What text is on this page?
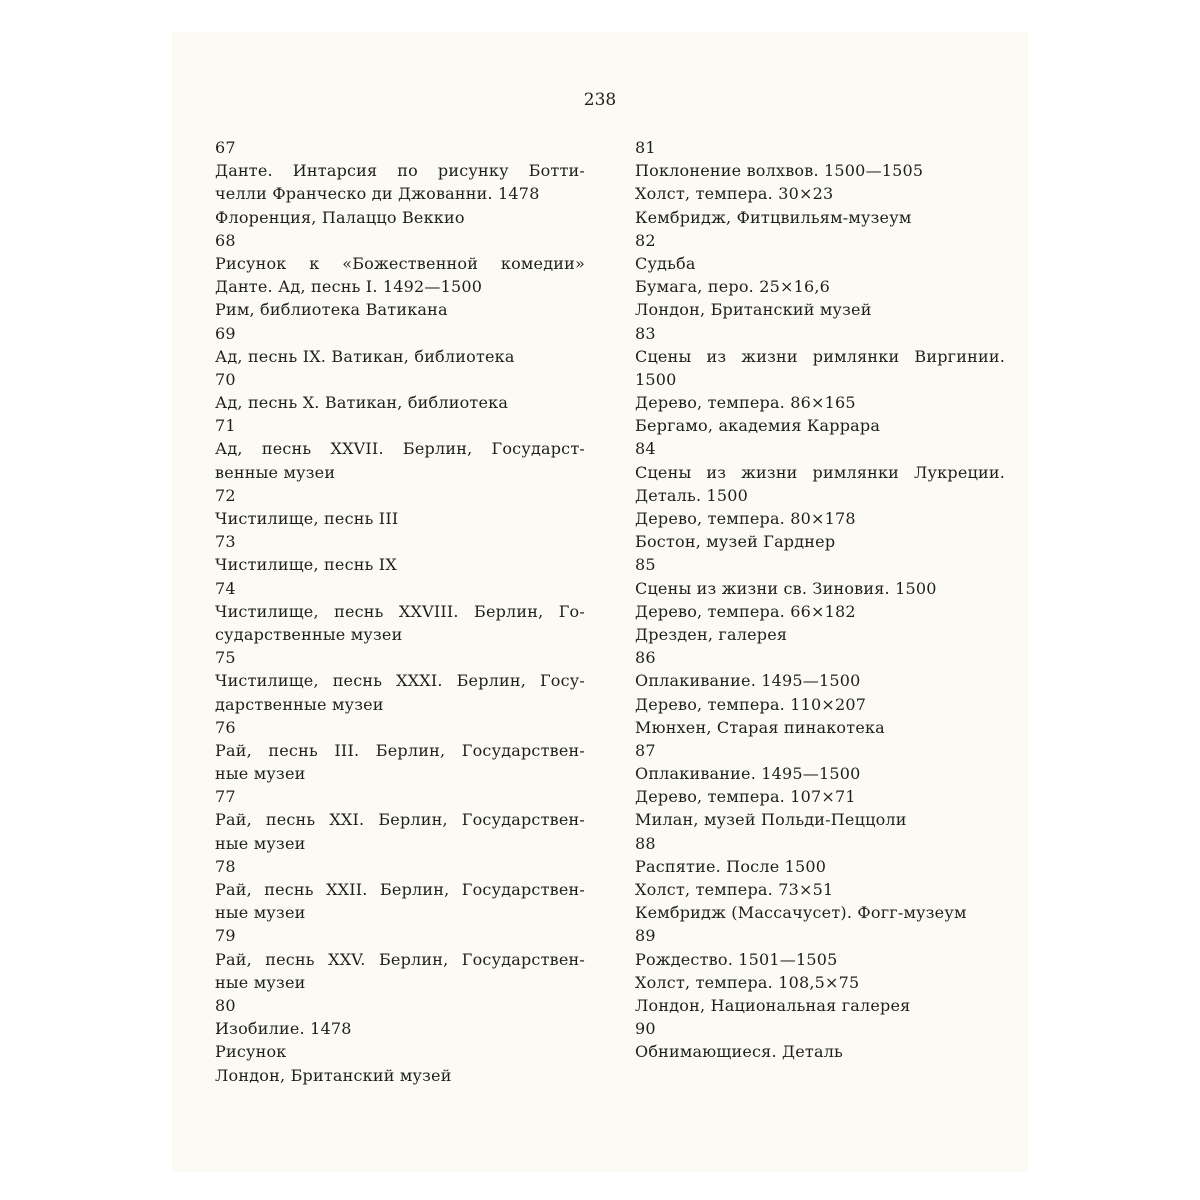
238
67
Данте. Интарсия по рисунку Ботти-
челли Франческо ди Джованни. 1478
Флоренция, Палаццо Веккио
68
Рисунок к «Божественной комедии»
Данте. Ад, песнь I. 1492—1500
Рим, библиотека Ватикана
69
Ад, песнь IX. Ватикан, библиотека
70
Ад, песнь X. Ватикан, библиотека
71
Ад, песнь XXVII. Берлин, Государст-
венные музеи
72
Чистилище, песнь III
73
Чистилище, песнь IX
74
Чистилище, песнь XXVIII. Берлин, Го-
сударственные музеи
75
Чистилище, песнь XXXI. Берлин, Госу-
дарственные музеи
76
Рай, песнь III. Берлин, Государствен-
ные музеи
77
Рай, песнь XXI. Берлин, Государствен-
ные музеи
78
Рай, песнь XXII. Берлин, Государствен-
ные музеи
79
Рай, песнь XXV. Берлин, Государствен-
ные музеи
80
Изобилие. 1478
Рисунок
Лондон, Британский музей
81
Поклонение волхвов. 1500—1505
Холст, темпера. 30×23
Кембридж, Фитцвильям-музеум
82
Судьба
Бумага, перо. 25×16,6
Лондон, Британский музей
83
Сцены из жизни римлянки Виргинии.
1500
Дерево, темпера. 86×165
Бергамо, академия Каррара
84
Сцены из жизни римлянки Лукреции.
Деталь. 1500
Дерево, темпера. 80×178
Бостон, музей Гарднер
85
Сцены из жизни св. Зиновия. 1500
Дерево, темпера. 66×182
Дрезден, галерея
86
Оплакивание. 1495—1500
Дерево, темпера. 110×207
Мюнхен, Старая пинакотека
87
Оплакивание. 1495—1500
Дерево, темпера. 107×71
Милан, музей Польди-Пеццоли
88
Распятие. После 1500
Холст, темпера. 73×51
Кембридж (Массачусет). Фогг-музеум
89
Рождество. 1501—1505
Холст, темпера. 108,5×75
Лондон, Национальная галерея
90
Обнимающиеся. Деталь
